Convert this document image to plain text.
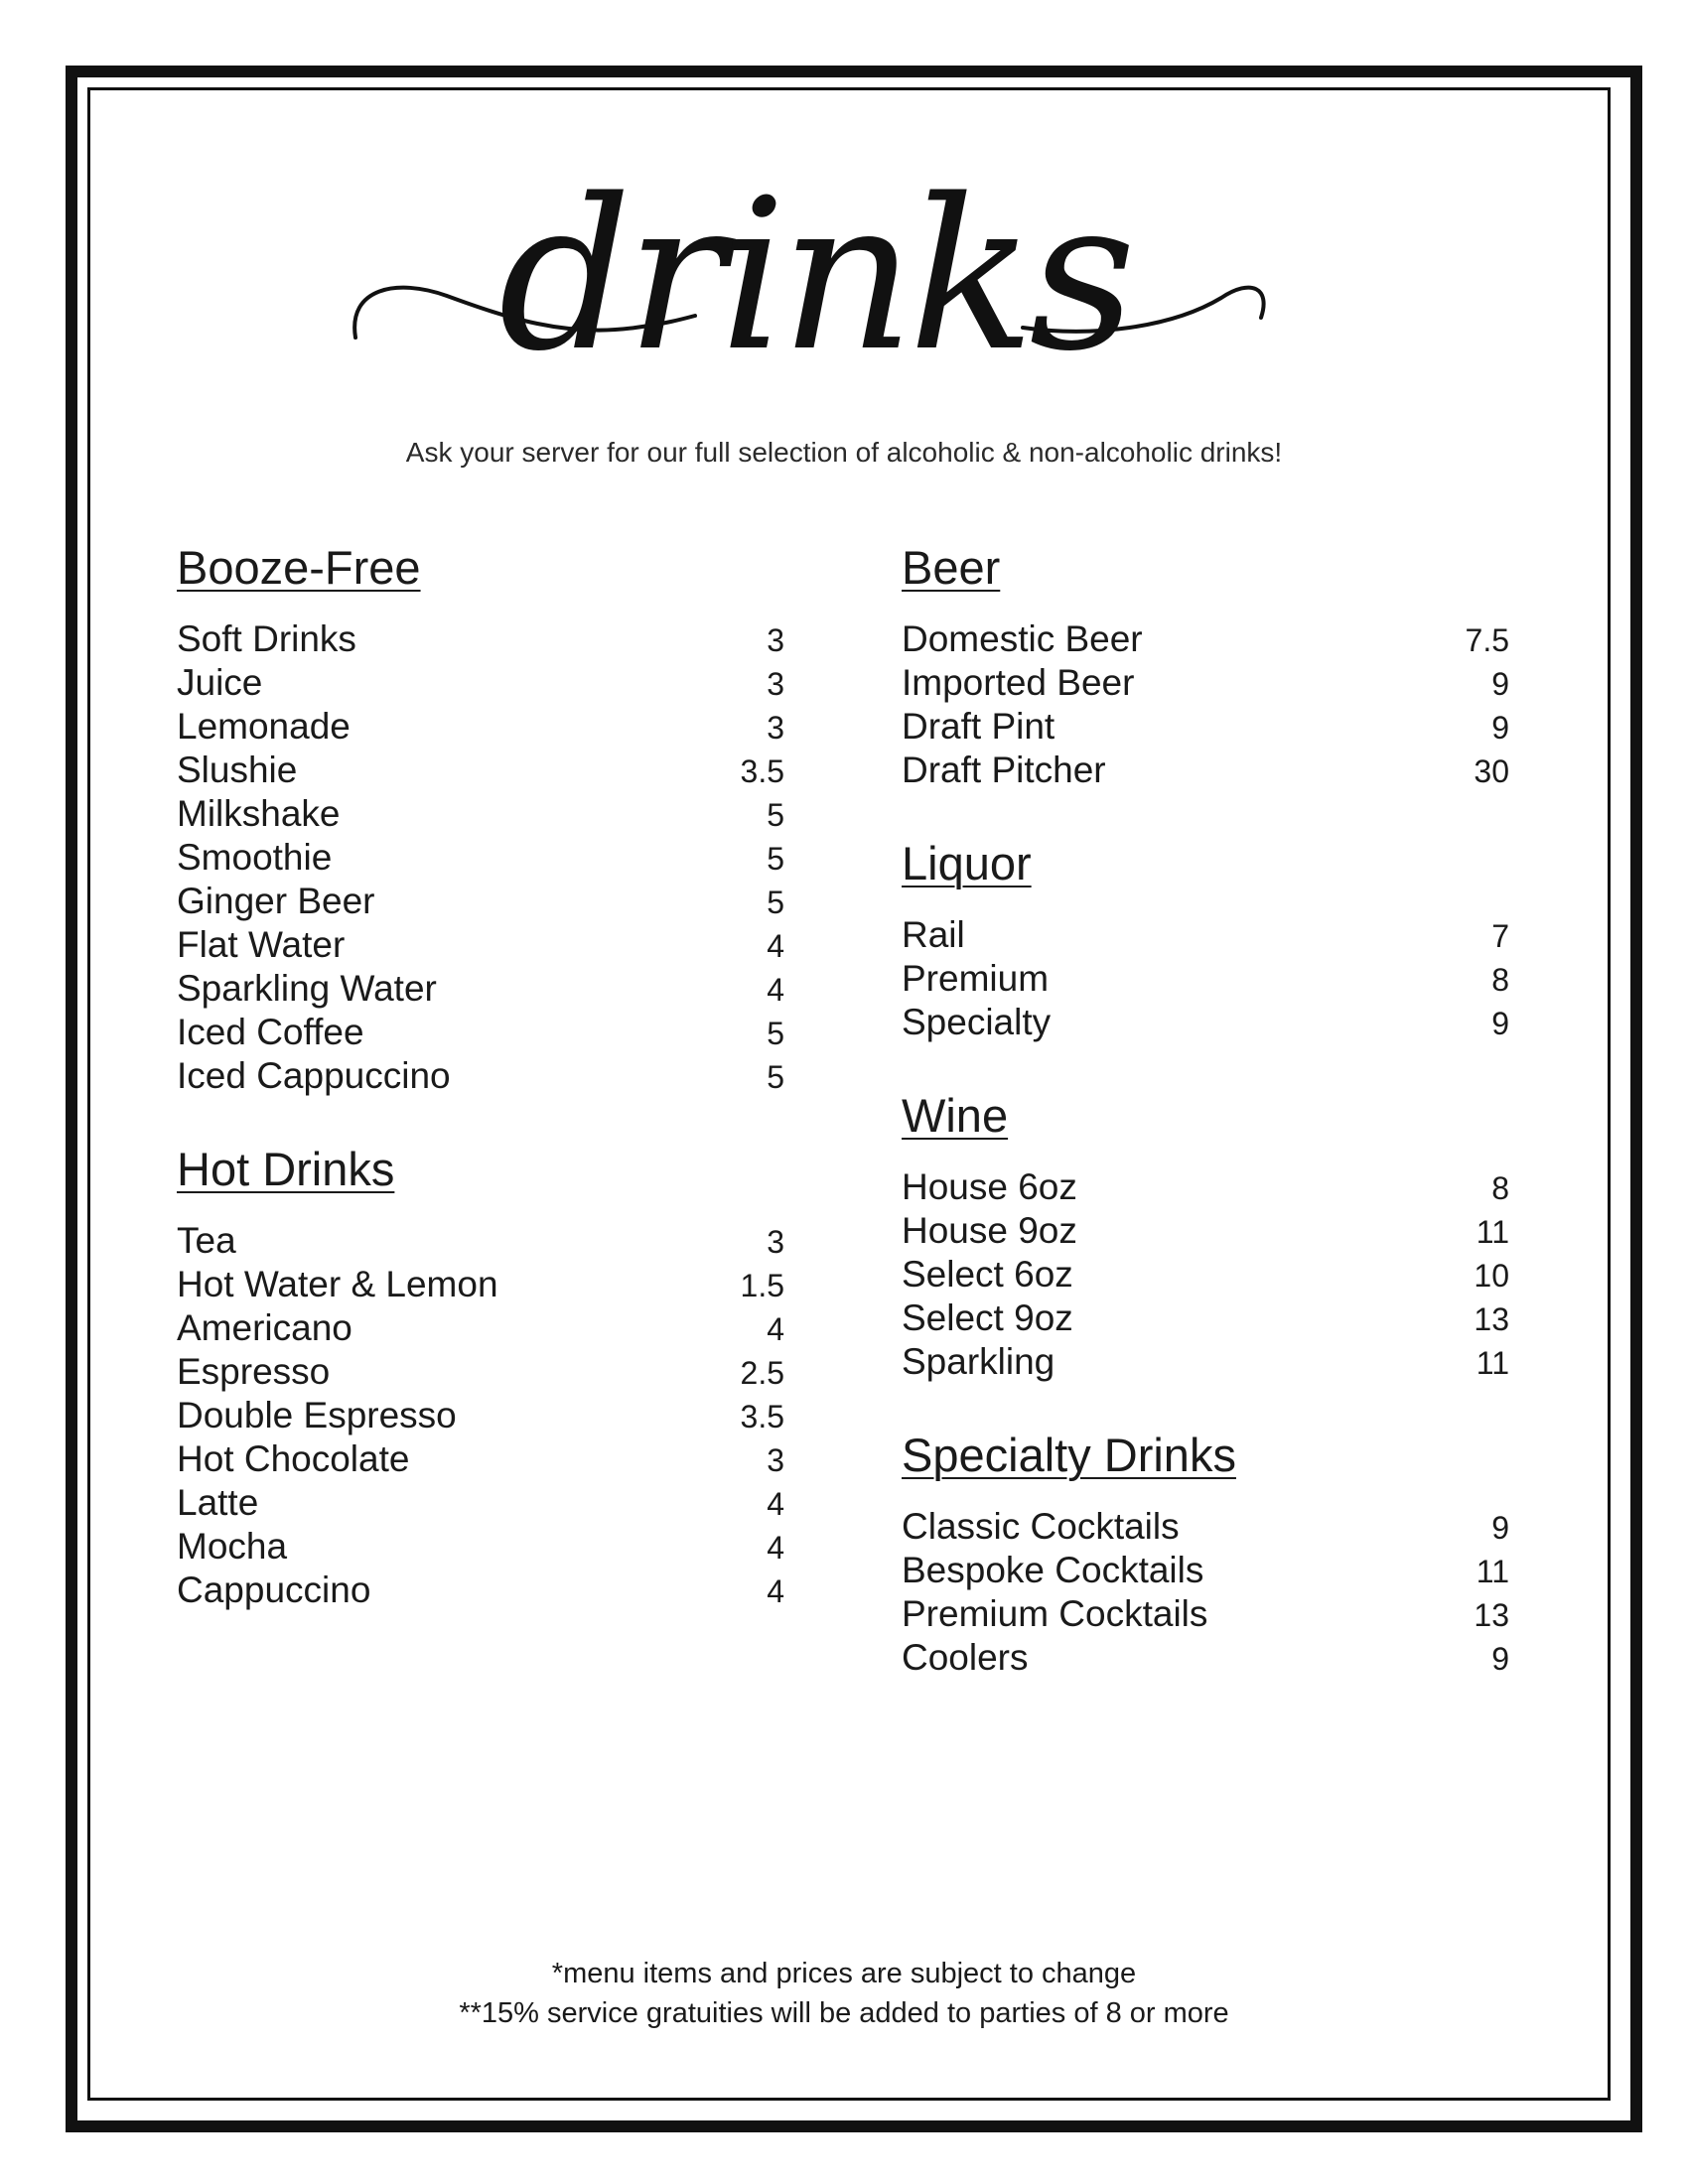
drinks
Ask your server for our full selection of alcoholic & non-alcoholic drinks!
Booze-Free
Soft Drinks	3
Juice	3
Lemonade	3
Slushie	3.5
Milkshake	5
Smoothie	5
Ginger Beer	5
Flat Water	4
Sparkling Water	4
Iced Coffee	5
Iced Cappuccino	5
Hot Drinks
Tea	3
Hot Water & Lemon	1.5
Americano	4
Espresso	2.5
Double Espresso	3.5
Hot Chocolate	3
Latte	4
Mocha	4
Cappuccino	4
Beer
Domestic Beer	7.5
Imported Beer	9
Draft Pint	9
Draft Pitcher	30
Liquor
Rail	7
Premium	8
Specialty	9
Wine
House 6oz	8
House 9oz	11
Select 6oz	10
Select 9oz	13
Sparkling	11
Specialty Drinks
Classic Cocktails	9
Bespoke Cocktails	11
Premium Cocktails	13
Coolers	9
*menu items and prices are subject to change
**15% service gratuities will be added to parties of 8 or more
